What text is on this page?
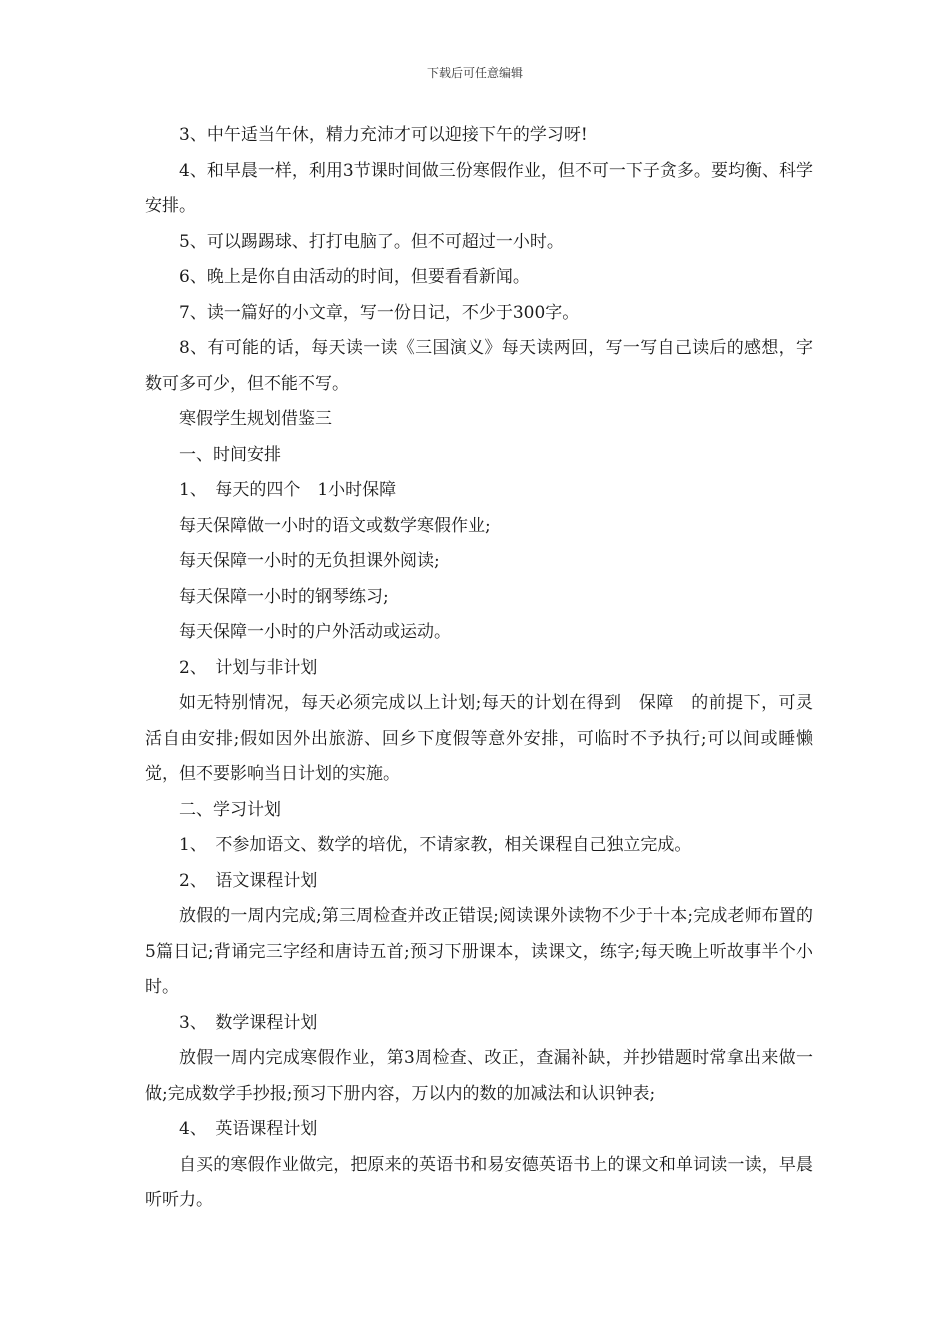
下载后可任意编辑

3、中午适当午休，精力充沛才可以迎接下午的学习呀!

4、和早晨一样，利用3节课时间做三份寒假作业，但不可一下子贪多。要均衡、科学安排。

5、可以踢踢球、打打电脑了。但不可超过一小时。

6、晚上是你自由活动的时间，但要看看新闻。

7、读一篇好的小文章，写一份日记，不少于300字。

8、有可能的话，每天读一读《三国演义》每天读两回，写一写自己读后的感想，字数可多可少，但不能不写。

寒假学生规划借鉴三

一、时间安排

1、　每天的四个　1小时保障

每天保障做一小时的语文或数学寒假作业;

每天保障一小时的无负担课外阅读;

每天保障一小时的钢琴练习;

每天保障一小时的户外活动或运动。

2、　计划与非计划

如无特别情况，每天必须完成以上计划;每天的计划在得到　保障　的前提下，可灵活自由安排;假如因外出旅游、回乡下度假等意外安排，可临时不予执行;可以间或睡懒觉，但不要影响当日计划的实施。

二、学习计划

1、　不参加语文、数学的培优，不请家教，相关课程自己独立完成。

2、　语文课程计划

放假的一周内完成;第三周检查并改正错误;阅读课外读物不少于十本;完成老师布置的5篇日记;背诵完三字经和唐诗五首;预习下册课本，读课文，练字;每天晚上听故事半个小时。

3、　数学课程计划

放假一周内完成寒假作业，第3周检查、改正，查漏补缺，并抄错题时常拿出来做一做;完成数学手抄报;预习下册内容，万以内的数的加减法和认识钟表;

4、　英语课程计划

自买的寒假作业做完，把原来的英语书和易安德英语书上的课文和单词读一读，早晨听听力。
